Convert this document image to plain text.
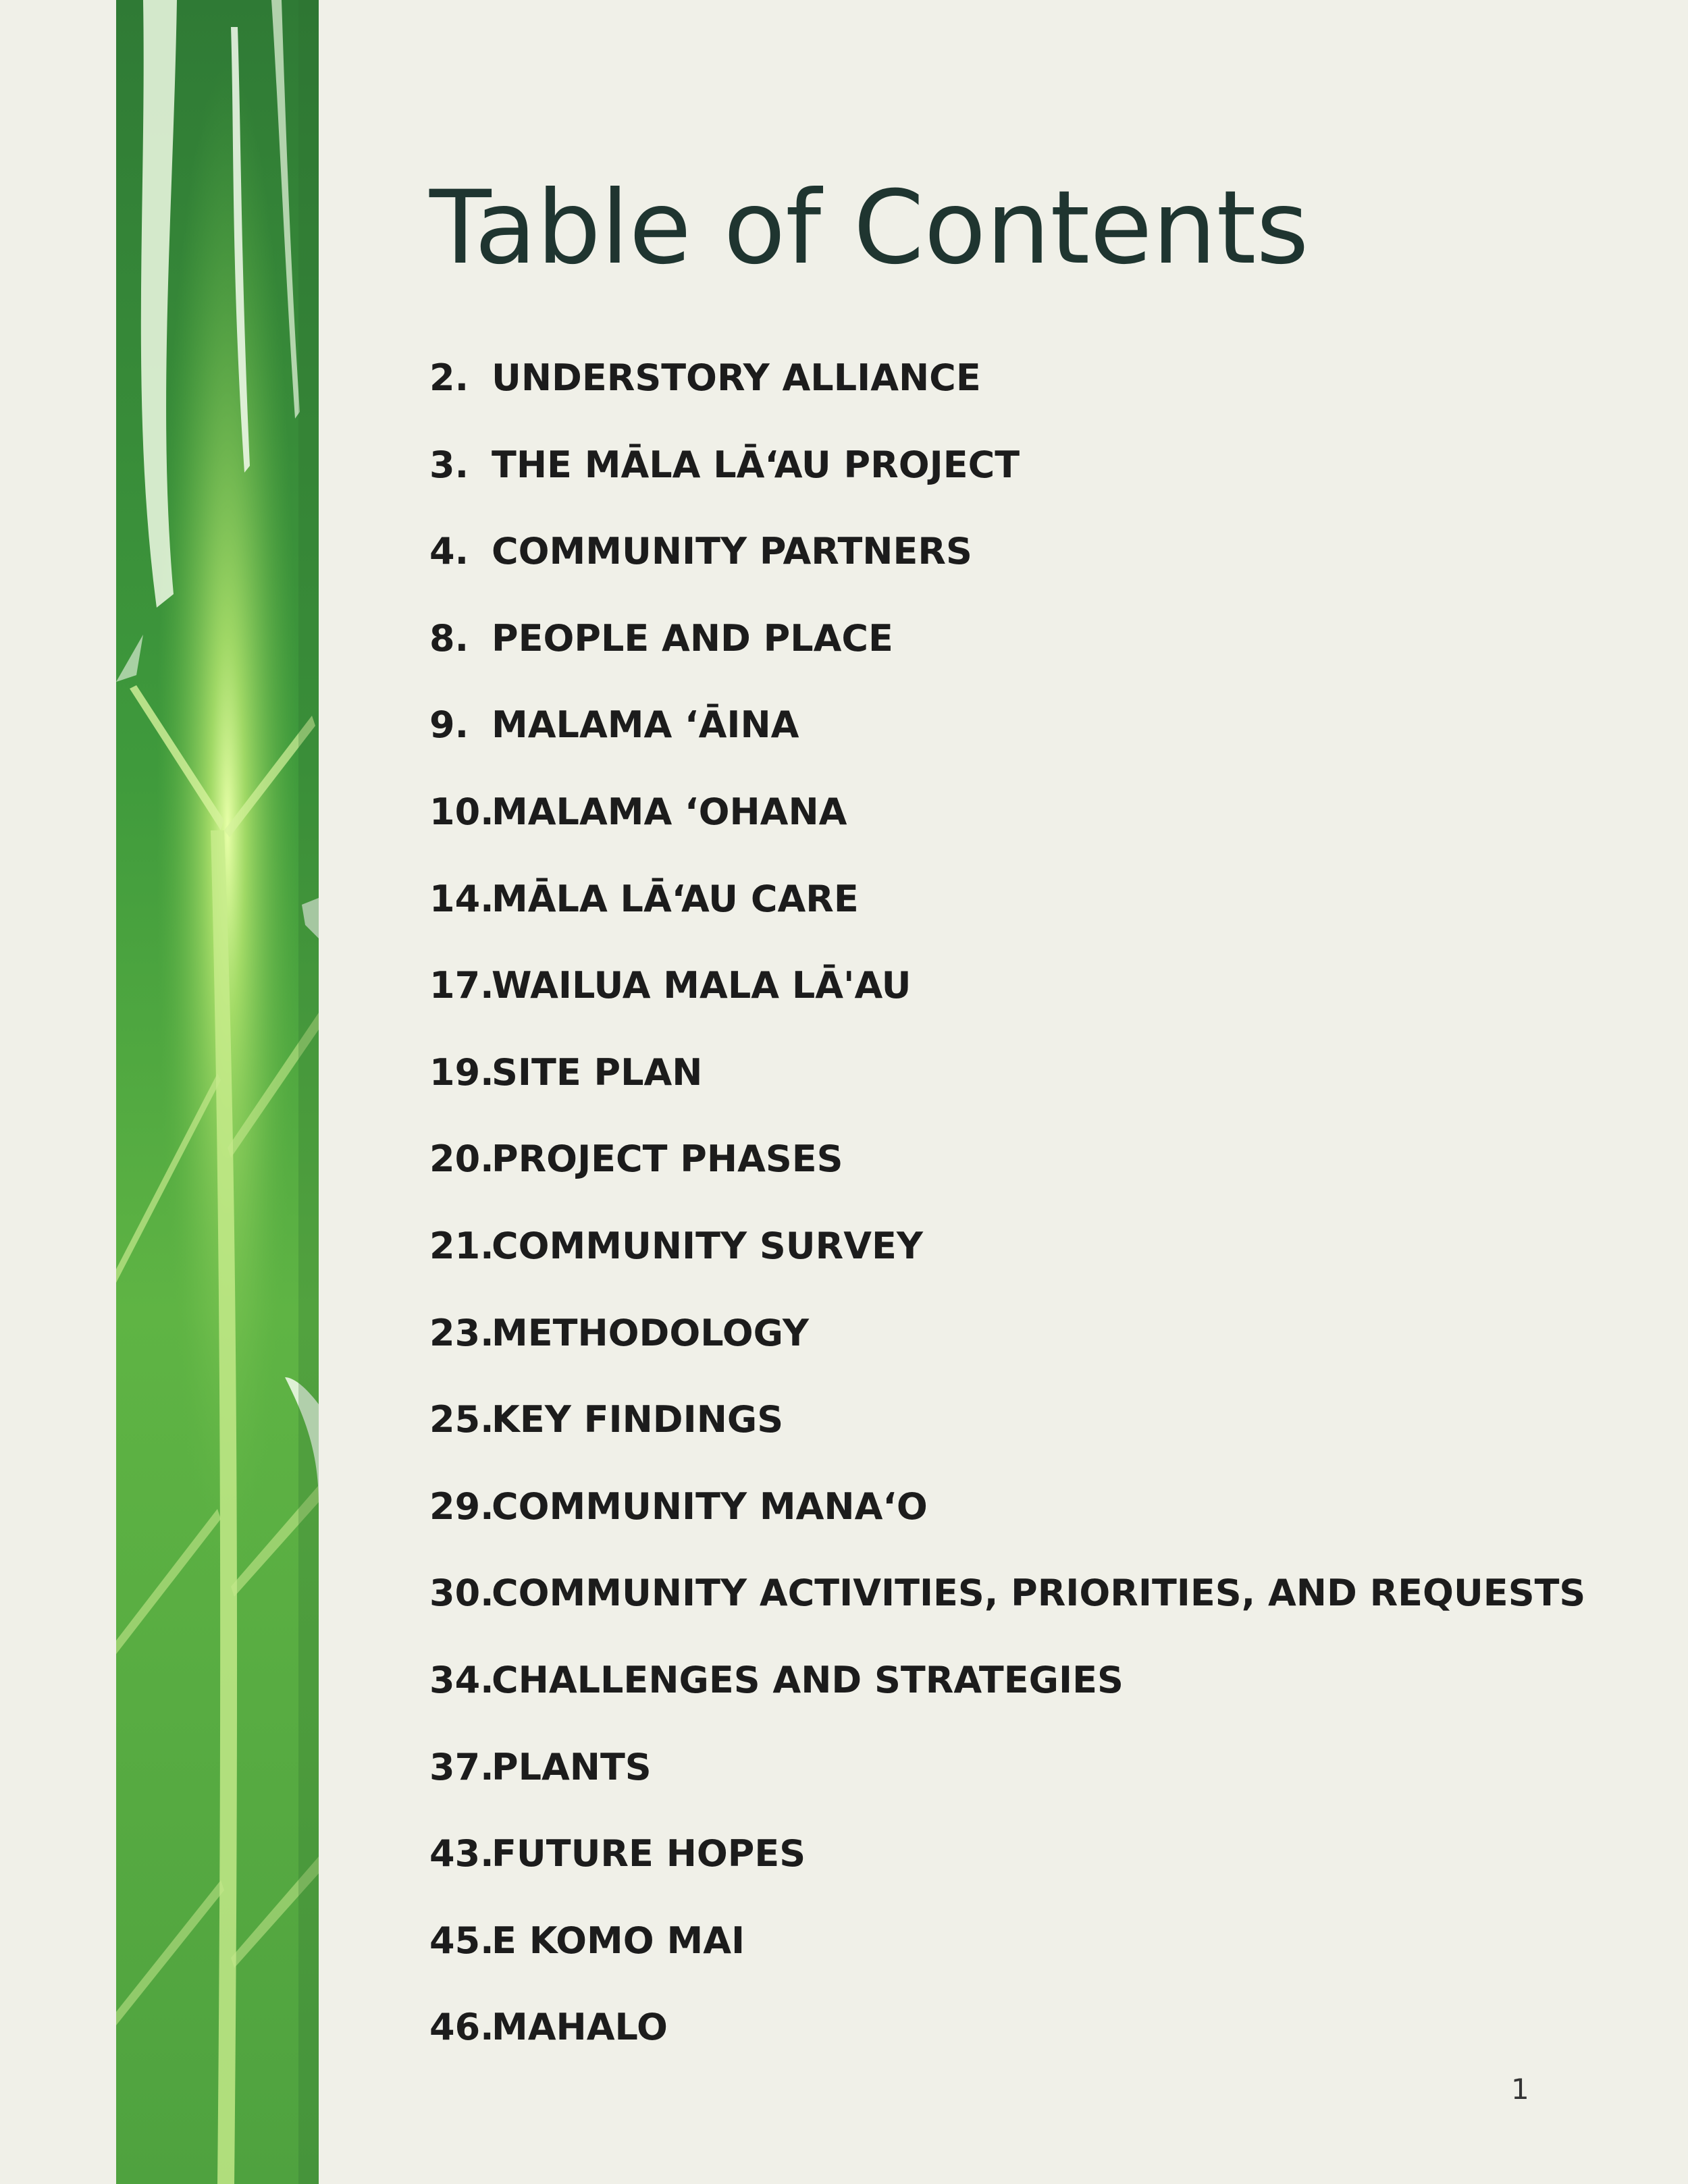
Table of Contents
2. UNDERSTORY ALLIANCE
3. THE MĀLA LĀʻAU PROJECT
4. COMMUNITY PARTNERS
8. PEOPLE AND PLACE
9. MALAMA ʻĀINA
10.MALAMA ʻOHANA
14.MĀLA LĀʻAU CARE
17.WAILUA MALA LĀ'AU
19.SITE PLAN
20.PROJECT PHASES
21.COMMUNITY SURVEY
23.METHODOLOGY
25.KEY FINDINGS
29.COMMUNITY MANAʻO
30.COMMUNITY ACTIVITIES, PRIORITIES, AND REQUESTS
34.CHALLENGES AND STRATEGIES
37.PLANTS
43.FUTURE HOPES
45.E KOMO MAI
46.MAHALO
1
